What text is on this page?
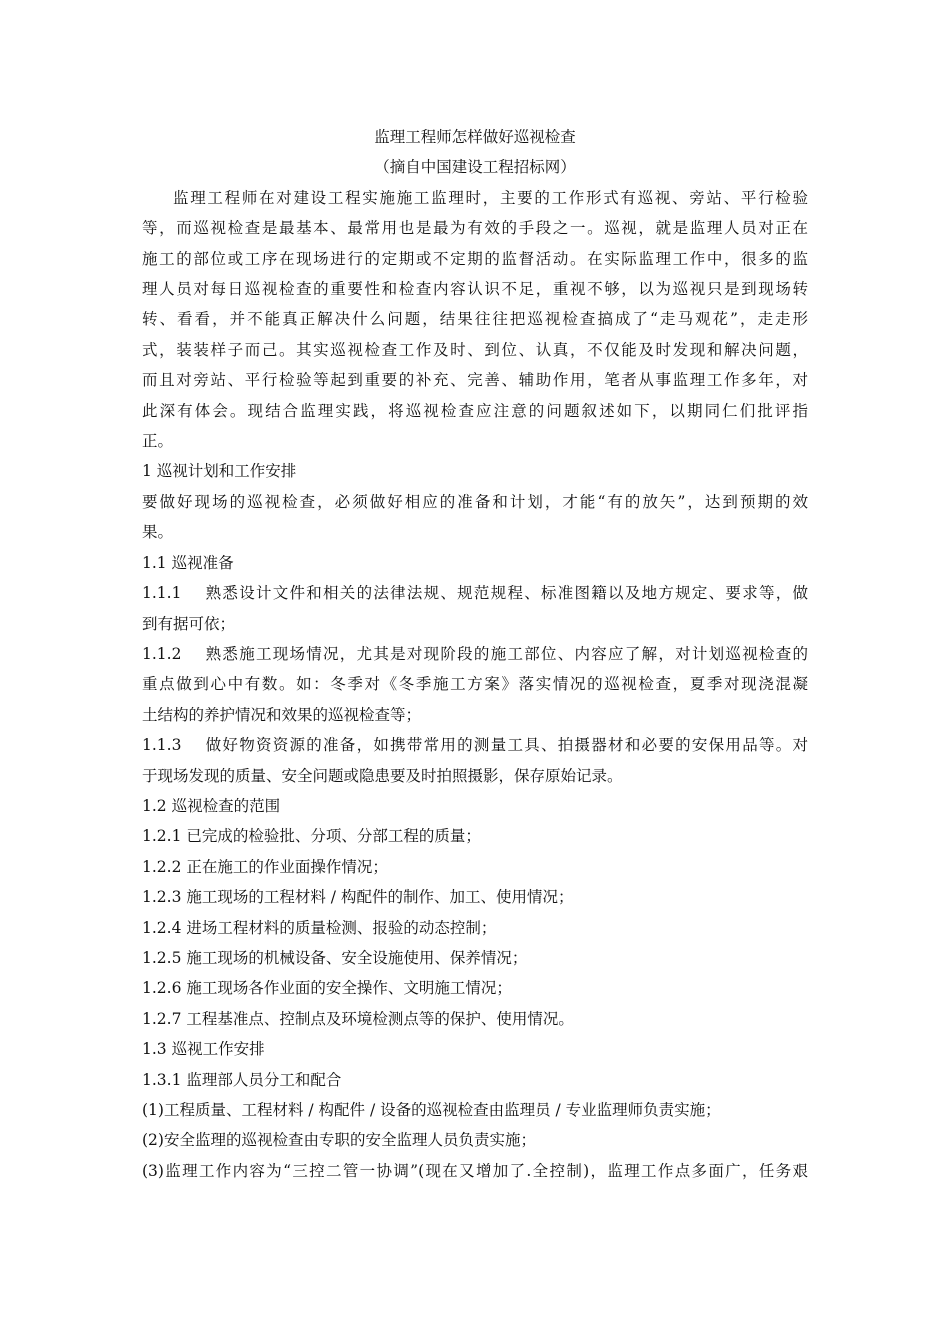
监理工程师怎样做好巡视检查

（摘自中国建设工程招标网）

监理工程师在对建设工程实施施工监理时，主要的工作形式有巡视、旁站、平行检验

等，而巡视检查是最基本、最常用也是最为有效的手段之一。巡视，就是监理人员对正在

施工的部位或工序在现场进行的定期或不定期的监督活动。在实际监理工作中，很多的监

理人员对每日巡视检查的重要性和检查内容认识不足，重视不够，以为巡视只是到现场转

转、看看，并不能真正解决什么问题，结果往往把巡视检查搞成了“走马观花”，走走形

式，装装样子而己。其实巡视检查工作及时、到位、认真，不仅能及时发现和解决问题，

而且对旁站、平行检验等起到重要的补充、完善、辅助作用，笔者从事监理工作多年，对

此深有体会。现结合监理实践，将巡视检查应注意的问题叙述如下，以期同仁们批评指

正。

1 巡视计划和工作安排

要做好现场的巡视检查，必须做好相应的准备和计划，才能“有的放矢”，达到预期的效

果。

1.1 巡视准备

1.1.1　 熟悉设计文件和相关的法律法规、规范规程、标准图籍以及地方规定、要求等，做

到有据可依；

1.1.2　 熟悉施工现场情况，尤其是对现阶段的施工部位、内容应了解，对计划巡视检查的

重点做到心中有数。如：冬季对《冬季施工方案》落实情况的巡视检查，夏季对现浇混凝

土结构的养护情况和效果的巡视检查等；

1.1.3　 做好物资资源的准备，如携带常用的测量工具、拍摄器材和必要的安保用品等。对

于现场发现的质量、安全问题或隐患要及时拍照摄影，保存原始记录。

1.2 巡视检查的范围

1.2.1 已完成的检验批、分项、分部工程的质量；

1.2.2 正在施工的作业面操作情况；

1.2.3 施工现场的工程材料 / 构配件的制作、加工、使用情况；

1.2.4 进场工程材料的质量检测、报验的动态控制；

1.2.5 施工现场的机械设备、安全设施使用、保养情况；

1.2.6 施工现场各作业面的安全操作、文明施工情况；

1.2.7 工程基准点、控制点及环境检测点等的保护、使用情况。

1.3 巡视工作安排

1.3.1 监理部人员分工和配合

(1)工程质量、工程材料 / 构配件 / 设备的巡视检查由监理员 / 专业监理师负责实施；

(2)安全监理的巡视检查由专职的安全监理人员负责实施；

(3)监理工作内容为“三控二管一协调”(现在又增加了.全控制)，监理工作点多面广，任务艰
